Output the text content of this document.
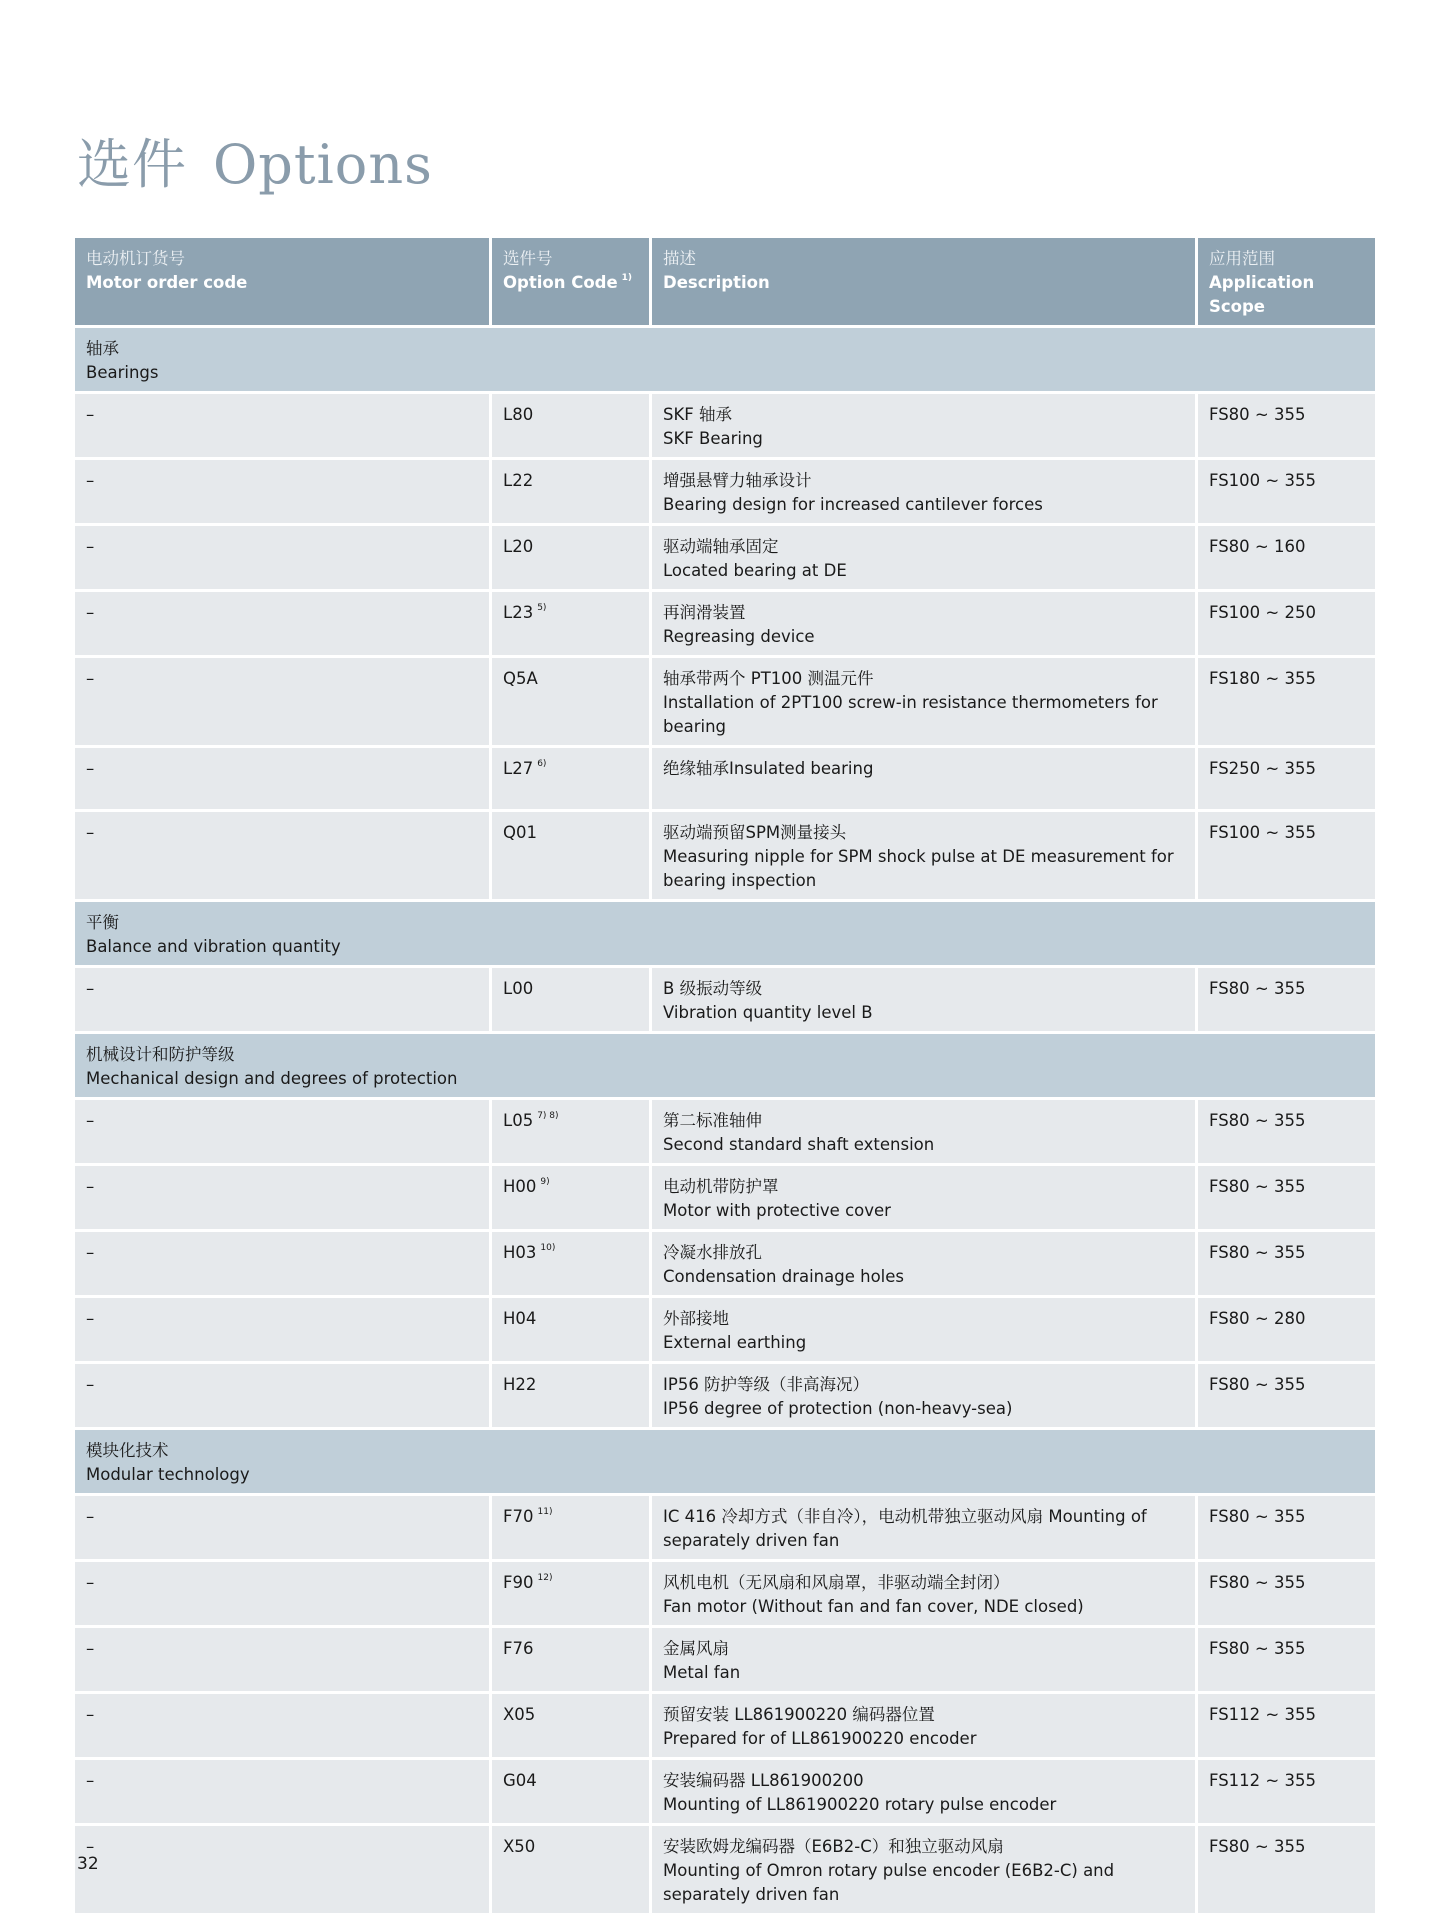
选件 Options
电动机订货号
Motor order code	选件号
Option Code $^{1)}$	描述
Description	应用范围
Application Scope

轴承
Bearings			

–	L80	SKF 轴承
SKF Bearing	FS80 ~ 355
–	L22	增强悬臂力轴承设计
Bearing design for increased cantilever forces	FS100 ~ 355
–	L20	驱动端轴承固定
Located bearing at DE	FS80 ~ 160
–	L23 $^{5)}$	再润滑装置
Regreasing device	FS100 ~ 250
–	Q5A	轴承带两个 PT100 测温元件
Installation of 2PT100 screw-in resistance thermometers for bearing	FS180 ~ 355
–	L27 $^{6)}$	绝缘轴承Insulated bearing	FS250 ~ 355
–	Q01	驱动端预留SPM测量接头
Measuring nipple for SPM shock pulse at DE measurement for bearing inspection	FS100 ~ 355

平衡
Balance and vibration quantity			

–	L00	B 级振动等级
Vibration quantity level B	FS80 ~ 355

机械设计和防护等级
Mechanical design and degrees of protection			

–	L05 $^{7) 8)}$	第二标准轴伸
Second standard shaft extension	FS80 ~ 355
–	H00 $^{9)}$	电动机带防护罩
Motor with protective cover	FS80 ~ 355
–	H03 $^{10)}$	冷凝水排放孔
Condensation drainage holes	FS80 ~ 355
–	H04	外部接地
External earthing	FS80 ~ 280
–	H22	IP56 防护等级（非高海况）
IP56 degree of protection (non-heavy-sea)	FS80 ~ 355

模块化技术
Modular technology			

–	F70 $^{11)}$	IC 416 冷却方式（非自冷），电动机带独立驱动风扇 Mounting of separately driven fan	FS80 ~ 355
–	F90 $^{12)}$	风机电机（无风扇和风扇罩，非驱动端全封闭）
Fan motor (Without fan and fan cover, NDE closed)	FS80 ~ 355
–	F76	金属风扇
Metal fan	FS80 ~ 355
–	X05	预留安装 LL861900220 编码器位置
Prepared for of LL861900220 encoder	FS112 ~ 355
–	G04	安装编码器 LL861900200
Mounting of LL861900220 rotary pulse encoder	FS112 ~ 355
–	X50	安装欧姆龙编码器（E6B2-C）和独立驱动风扇
Mounting of Omron rotary pulse encoder (E6B2-C) and separately driven fan	FS80 ~ 355
32
